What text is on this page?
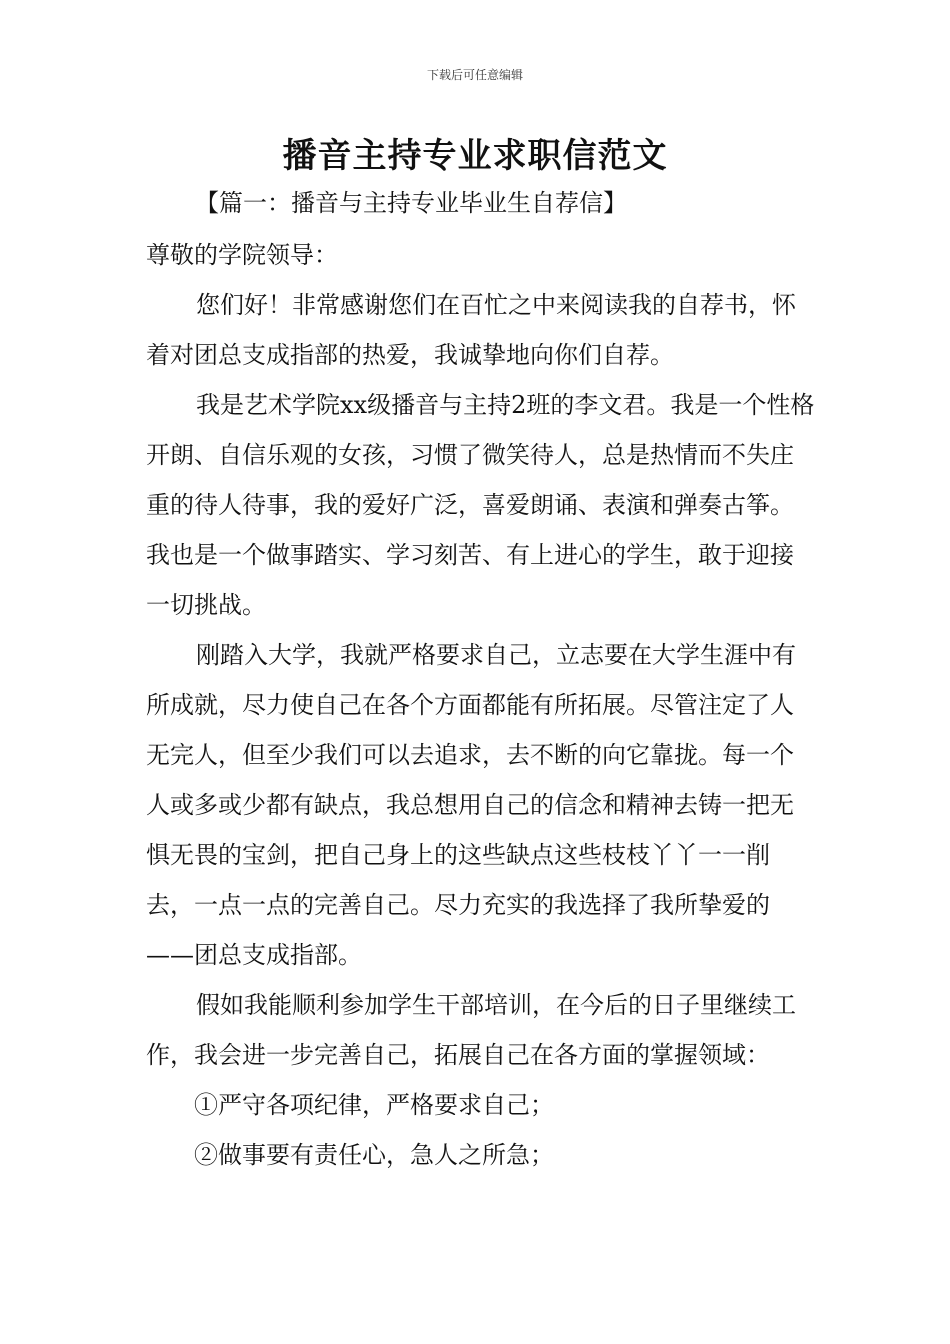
下载后可任意编辑
播音主持专业求职信范文
【篇一：播音与主持专业毕业生自荐信】

尊敬的学院领导：

您们好！非常感谢您们在百忙之中来阅读我的自荐书，怀着对团总支成指部的热爱，我诚挚地向你们自荐。

我是艺术学院xx级播音与主持2班的李文君。我是一个性格开朗、自信乐观的女孩，习惯了微笑待人，总是热情而不失庄重的待人待事，我的爱好广泛，喜爱朗诵、表演和弹奏古筝。我也是一个做事踏实、学习刻苦、有上进心的学生，敢于迎接一切挑战。

刚踏入大学，我就严格要求自己，立志要在大学生涯中有所成就，尽力使自己在各个方面都能有所拓展。尽管注定了人无完人，但至少我们可以去追求，去不断的向它靠拢。每一个人或多或少都有缺点，我总想用自己的信念和精神去铸一把无惧无畏的宝剑，把自己身上的这些缺点这些枝枝丫丫一一削去，一点一点的完善自己。尽力充实的我选择了我所挚爱的——团总支成指部。

假如我能顺利参加学生干部培训，在今后的日子里继续工作，我会进一步完善自己，拓展自己在各方面的掌握领域：

①严守各项纪律，严格要求自己；

②做事要有责任心，急人之所急；
